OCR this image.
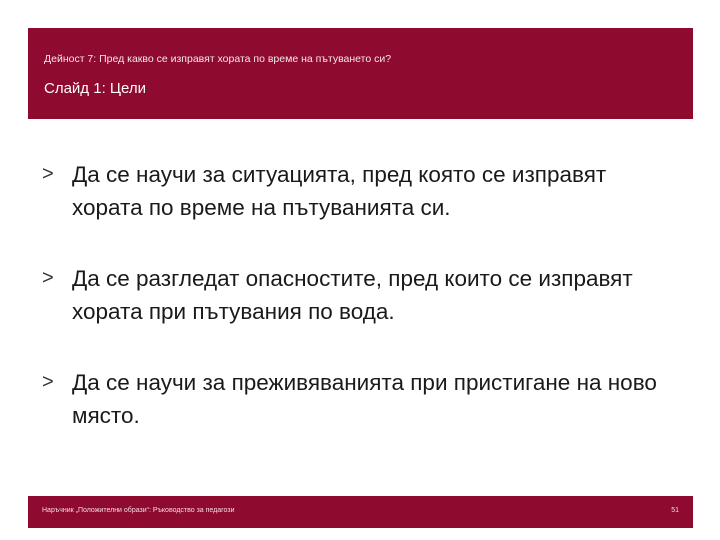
Дейност 7: Пред какво се изправят хората по време на пътуването си?
Слайд 1: Цели
> Да се научи за ситуацията, пред която се изправят хората по време на пътуванията си.
> Да се разгледат опасностите, пред които се изправят хората при пътувания по вода.
> Да се научи за преживяванията при пристигане на ново място.
Наръчник „Положителни образи“: Ръководство за педагози	51
